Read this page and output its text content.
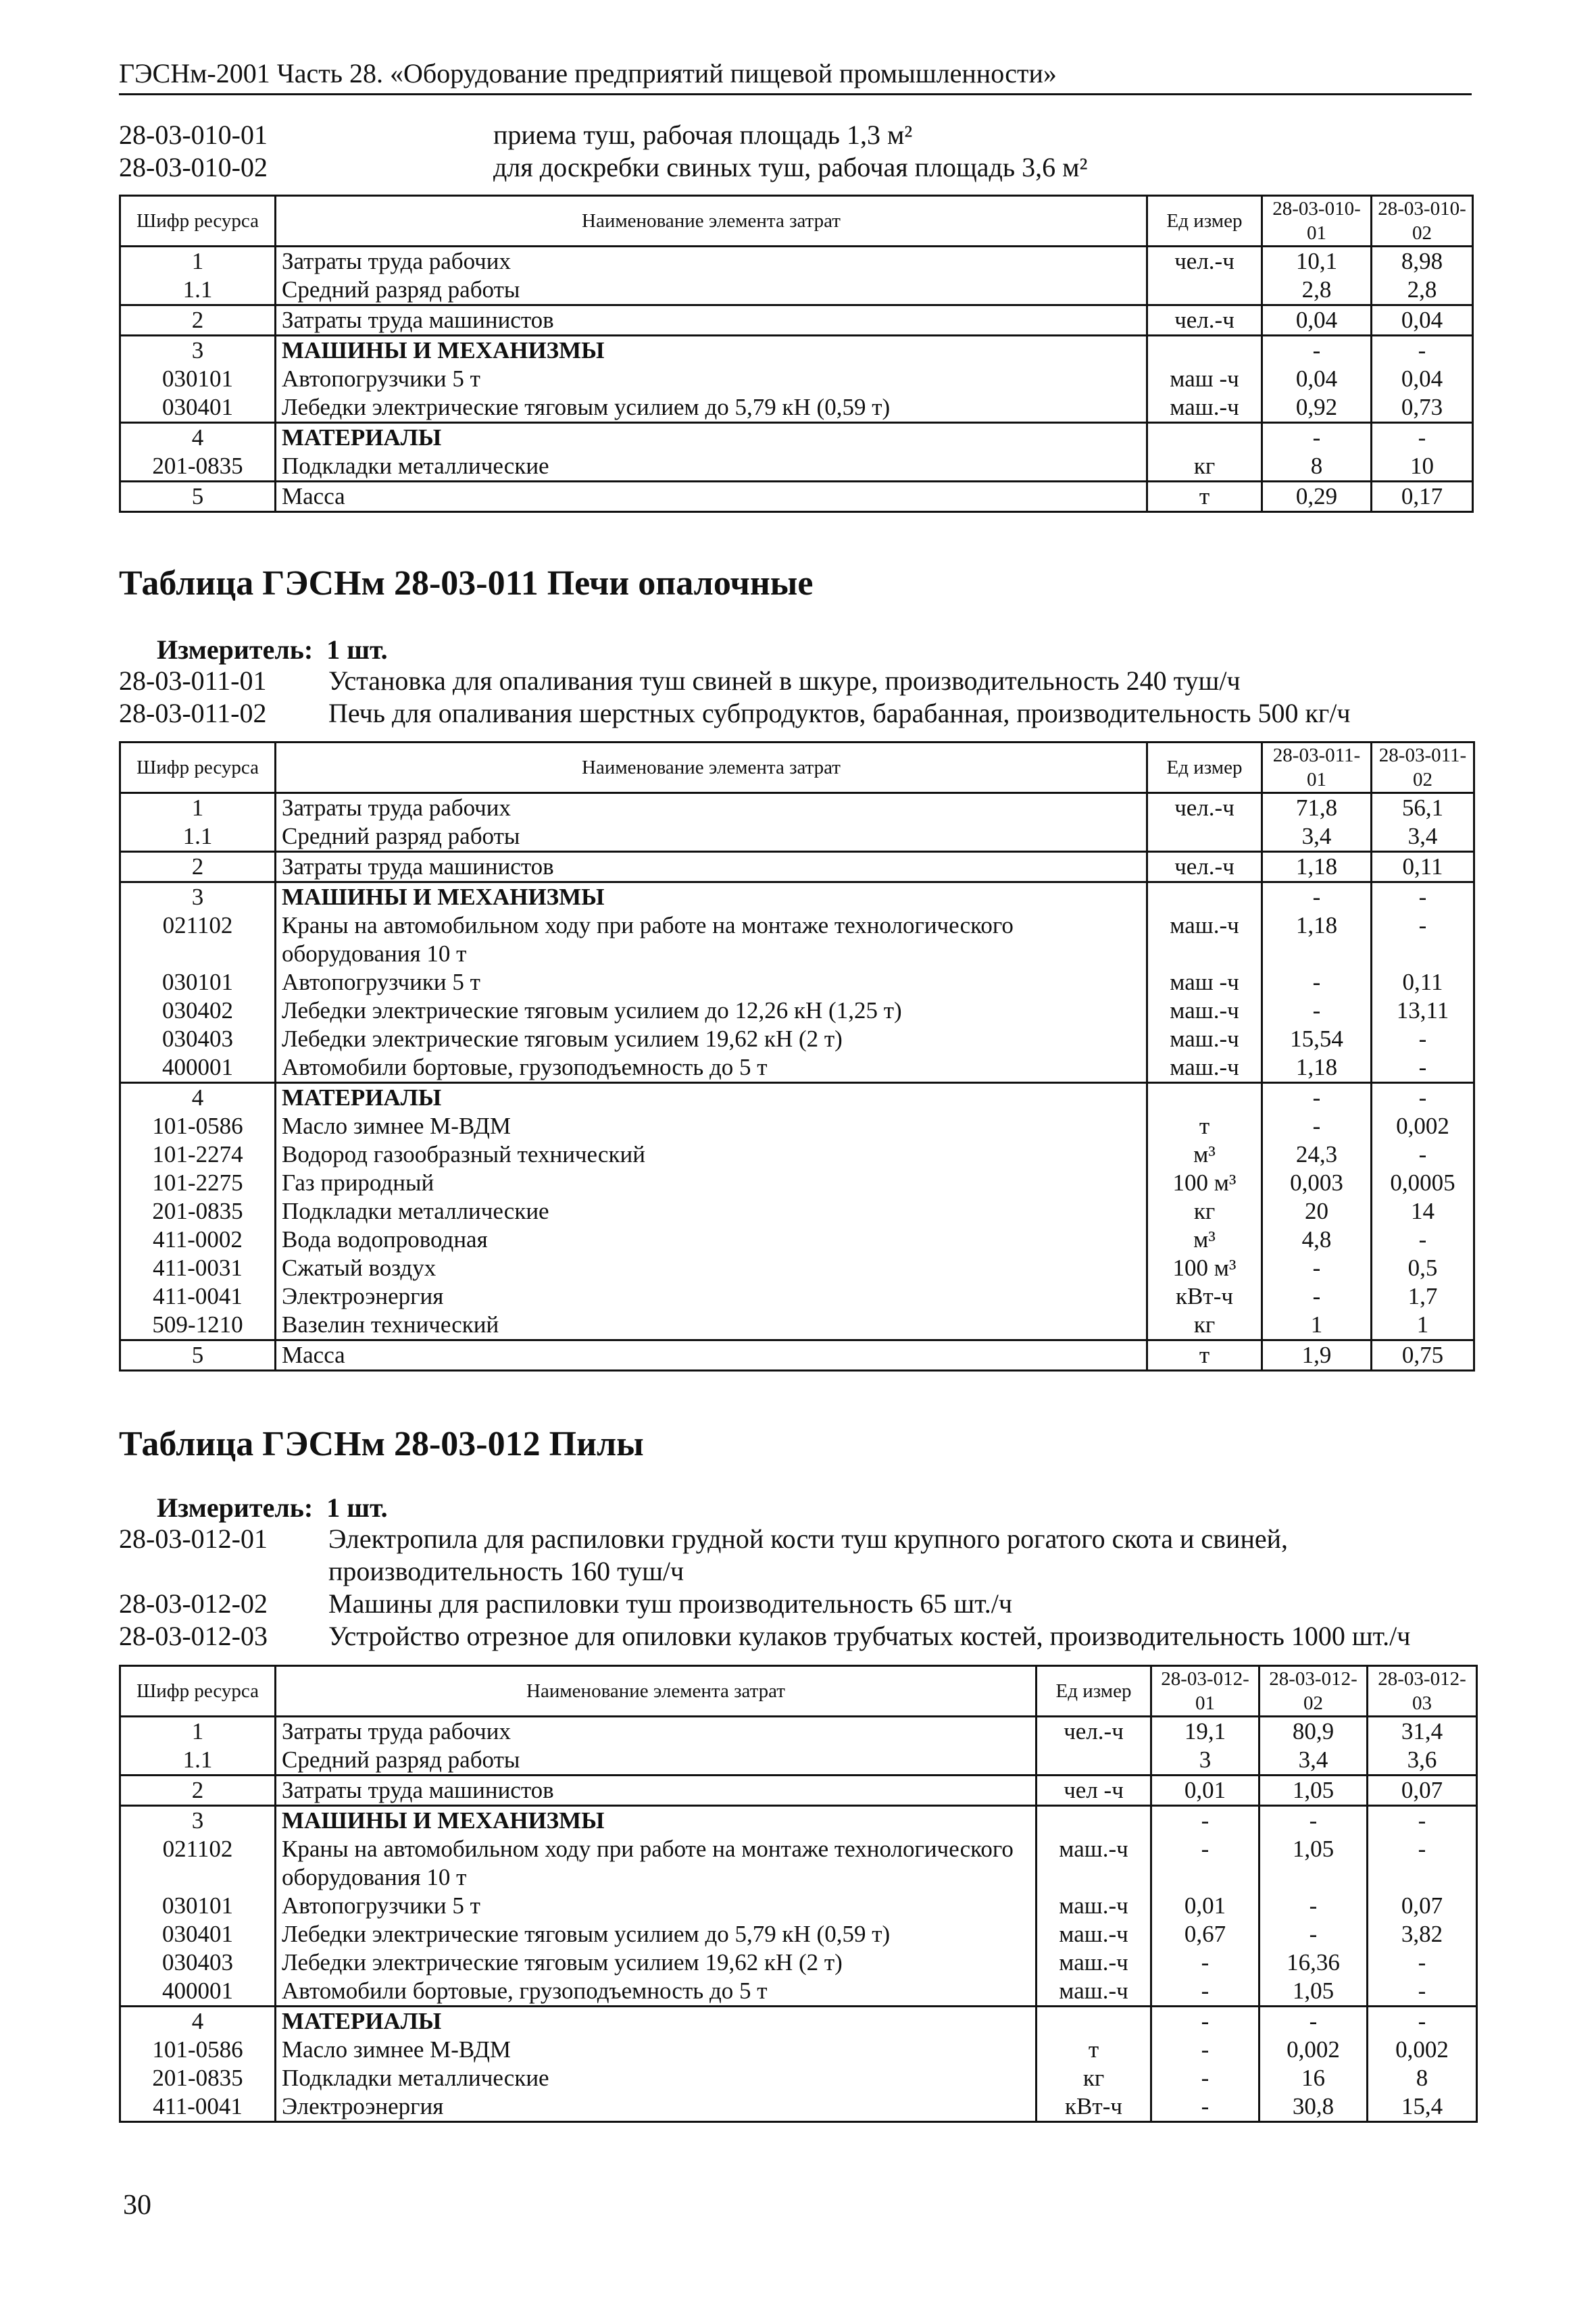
ГЭСНм-2001 Часть 28. «Оборудование предприятий пищевой промышленности»
28-03-010-01	приема туш, рабочая площадь 1,3 м²
28-03-010-02	для доскребки свиных туш, рабочая площадь 3,6 м²
Шифр ресурса	Наименование элемента затрат	Ед измер	28-03-010-01	28-03-010-02
1	Затраты труда рабочих	чел.-ч	10,1	8,98
1.1	Средний разряд работы		2,8	2,8
2	Затраты труда машинистов	чел.-ч	0,04	0,04
3	МАШИНЫ И МЕХАНИЗМЫ		-	-
030101	Автопогрузчики 5 т	маш -ч	0,04	0,04
030401	Лебедки электрические тяговым усилием до 5,79 кН (0,59 т)	маш.-ч	0,92	0,73
4	МАТЕРИАЛЫ		-	-
201-0835	Подкладки металлические	кг	8	10
5	Масса	т	0,29	0,17
Таблица ГЭСНм 28-03-011 Печи опалочные
Измеритель: 1 шт.
28-03-011-01	Установка для опаливания туш свиней в шкуре, производительность 240 туш/ч
28-03-011-02	Печь для опаливания шерстных субпродуктов, барабанная, производительность 500 кг/ч
Шифр ресурса	Наименование элемента затрат	Ед измер	28-03-011-01	28-03-011-02
1	Затраты труда рабочих	чел.-ч	71,8	56,1
1.1	Средний разряд работы		3,4	3,4
2	Затраты труда машинистов	чел.-ч	1,18	0,11
3	МАШИНЫ И МЕХАНИЗМЫ		-	-
021102	Краны на автомобильном ходу при работе на монтаже технологического оборудования 10 т	маш.-ч	1,18	-
030101	Автопогрузчики 5 т	маш -ч	-	0,11
030402	Лебедки электрические тяговым усилием до 12,26 кН (1,25 т)	маш.-ч	-	13,11
030403	Лебедки электрические тяговым усилием 19,62 кН (2 т)	маш.-ч	15,54	-
400001	Автомобили бортовые, грузоподъемность до 5 т	маш.-ч	1,18	-
4	МАТЕРИАЛЫ		-	-
101-0586	Масло зимнее М-ВДМ	т	-	0,002
101-2274	Водород газообразный технический	м³	24,3	-
101-2275	Газ природный	100 м³	0,003	0,0005
201-0835	Подкладки металлические	кг	20	14
411-0002	Вода водопроводная	м³	4,8	-
411-0031	Сжатый воздух	100 м³	-	0,5
411-0041	Электроэнергия	кВт-ч	-	1,7
509-1210	Вазелин технический	кг	1	1
5	Масса	т	1,9	0,75
Таблица ГЭСНм 28-03-012 Пилы
Измеритель: 1 шт.
28-03-012-01	Электропила для распиловки грудной кости туш крупного рогатого скота и свиней, производительность 160 туш/ч
28-03-012-02	Машины для распиловки туш производительность 65 шт./ч
28-03-012-03	Устройство отрезное для опиловки кулаков трубчатых костей, производительность 1000 шт./ч
Шифр ресурса	Наименование элемента затрат	Ед измер	28-03-012-01	28-03-012-02	28-03-012-03
1	Затраты труда рабочих	чел.-ч	19,1	80,9	31,4
1.1	Средний разряд работы		3	3,4	3,6
2	Затраты труда машинистов	чел -ч	0,01	1,05	0,07
3	МАШИНЫ И МЕХАНИЗМЫ		-	-	-
021102	Краны на автомобильном ходу при работе на монтаже технологического оборудования 10 т	маш.-ч	-	1,05	-
030101	Автопогрузчики 5 т	маш.-ч	0,01	-	0,07
030401	Лебедки электрические тяговым усилием до 5,79 кН (0,59 т)	маш.-ч	0,67	-	3,82
030403	Лебедки электрические тяговым усилием 19,62 кН (2 т)	маш.-ч	-	16,36	-
400001	Автомобили бортовые, грузоподъемность до 5 т	маш.-ч	-	1,05	-
4	МАТЕРИАЛЫ		-	-	-
101-0586	Масло зимнее М-ВДМ	т	-	0,002	0,002
201-0835	Подкладки металлические	кг	-	16	8
411-0041	Электроэнергия	кВт-ч	-	30,8	15,4
30
